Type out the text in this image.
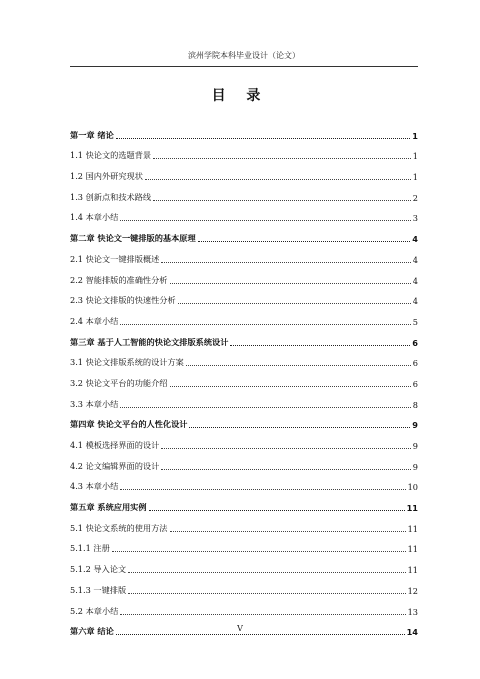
滨州学院本科毕业设计（论文）
目 录
第一章 绪论	1
1.1 快论文的选题背景	1
1.2 国内外研究现状	1
1.3 创新点和技术路线	2
1.4 本章小结	3
第二章 快论文一键排版的基本原理	4
2.1 快论文一键排版概述	4
2.2 智能排版的准确性分析	4
2.3 快论文排版的快速性分析	4
2.4 本章小结	5
第三章 基于人工智能的快论文排版系统设计	6
3.1 快论文排版系统的设计方案	6
3.2 快论文平台的功能介绍	6
3.3 本章小结	8
第四章 快论文平台的人性化设计	9
4.1 模板选择界面的设计	9
4.2 论文编辑界面的设计	9
4.3 本章小结	10
第五章 系统应用实例	11
5.1 快论文系统的使用方法	11
5.1.1 注册	11
5.1.2 导入论文	11
5.1.3 一键排版	12
5.2 本章小结	13
第六章 结论	14
V
